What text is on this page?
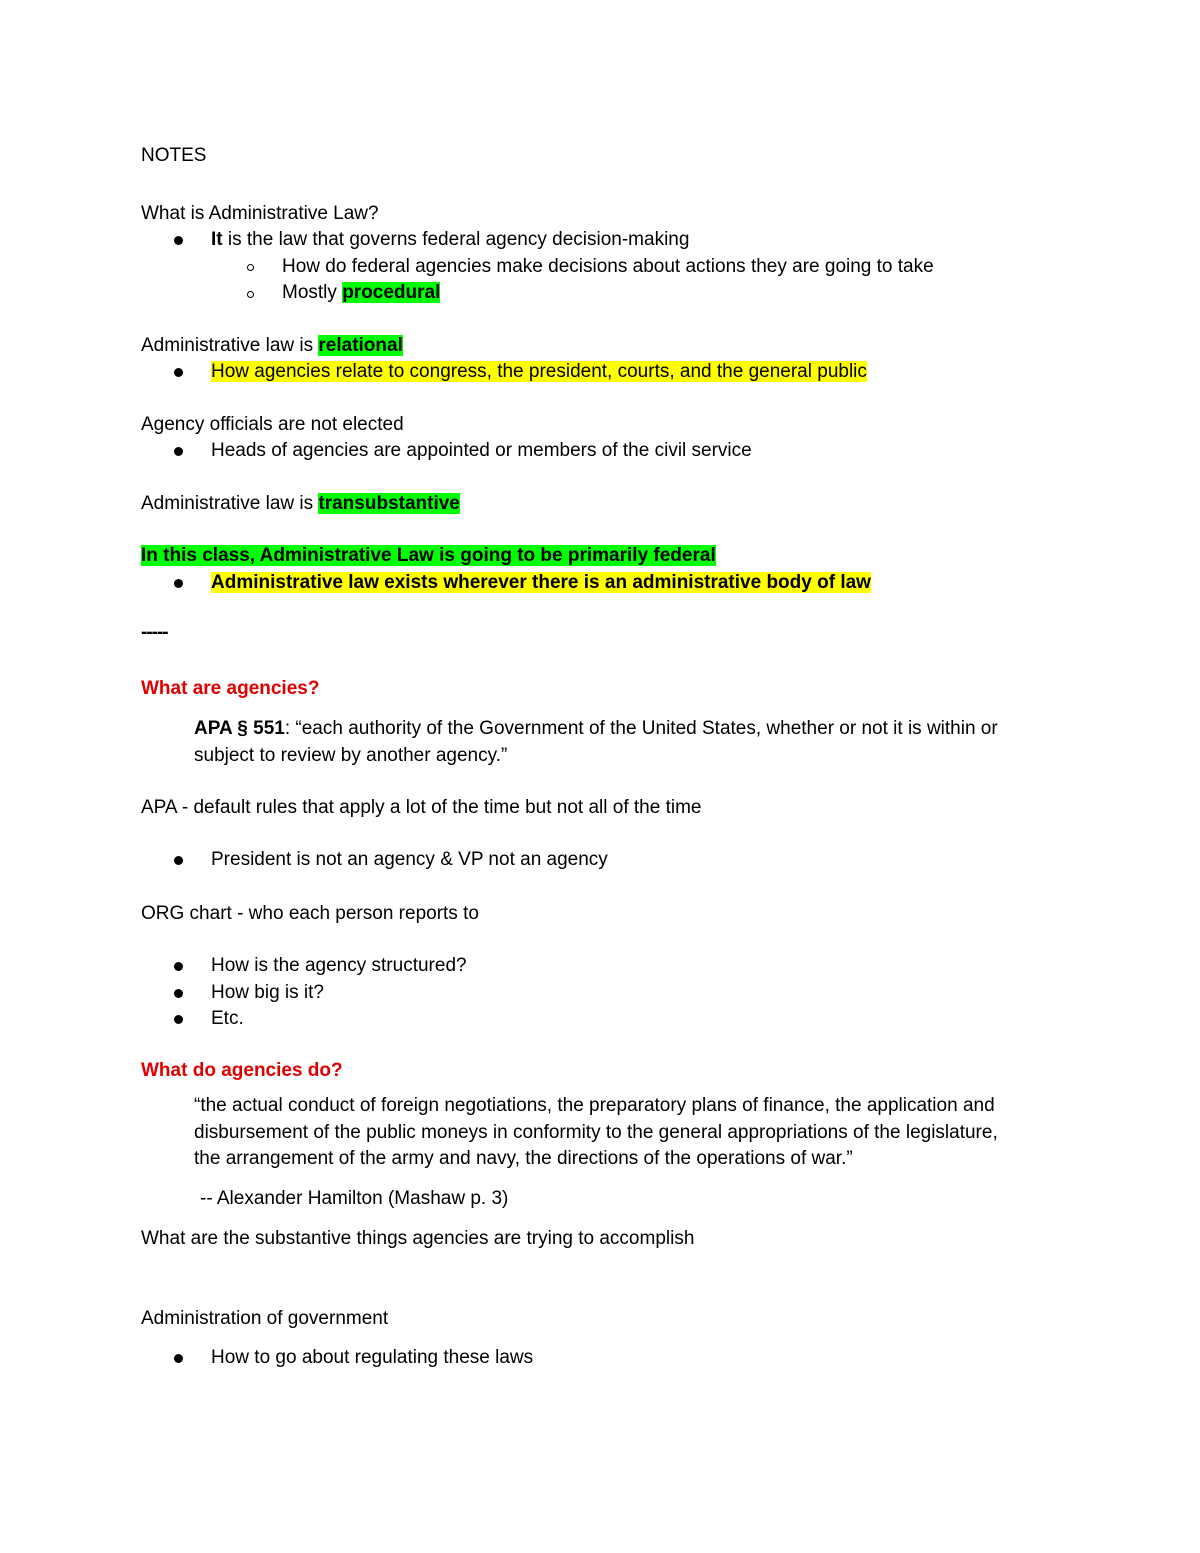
NOTES
What is Administrative Law?
It is the law that governs federal agency decision-making
How do federal agencies make decisions about actions they are going to take
Mostly procedural
Administrative law is relational
How agencies relate to congress, the president, courts, and the general public
Agency officials are not elected
Heads of agencies are appointed or members of the civil service
Administrative law is transubstantive
In this class, Administrative Law is going to be primarily federal
Administrative law exists wherever there is an administrative body of law
-----
What are agencies?
APA § 551: “each authority of the Government of the United States, whether or not it is within or
subject to review by another agency.”
APA - default rules that apply a lot of the time but not all of the time
President is not an agency & VP not an agency
ORG chart - who each person reports to
How is the agency structured?
How big is it?
Etc.
What do agencies do?
“the actual conduct of foreign negotiations, the preparatory plans of finance, the application and
disbursement of the public moneys in conformity to the general appropriations of the legislature,
the arrangement of the army and navy, the directions of the operations of war.”
-- Alexander Hamilton (Mashaw p. 3)
What are the substantive things agencies are trying to accomplish
Administration of government
How to go about regulating these laws
